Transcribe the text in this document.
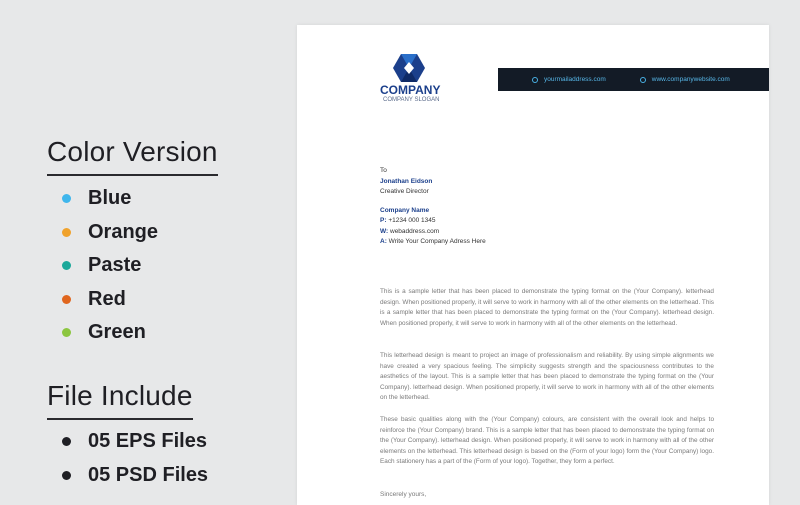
Color Version
Blue
Orange
Paste
Red
Green
File Include
05 EPS Files
05 PSD Files
COMPANY
COMPANY SLOGAN
yourmailaddress.com	www.companywebsite.com
To
Jonathan Eidson
Creative Director
Company Name
P: +1234 000 1345
W: webaddress.com
A: Write Your Company Adress Here
This is a sample letter that has been placed to demonstrate the typing format on the (Your Company). letterhead design. When positioned properly, it will serve to work in harmony with all of the other elements on the letterhead. This is a sample letter that has been placed to demonstrate the typing format on the (Your Company). letterhead design. When positioned properly, it will serve to work in harmony with all of the other elements on the letterhead.
This letterhead design is meant to project an image of professionalism and reliability. By using simple alignments we have created a very spacious feeling. The simplicity suggests strength and the spaciousness contributes to the aesthetics of the layout. This is a sample letter that has been placed to demonstrate the typing format on the (Your Company). letterhead design. When positioned properly, it will serve to work in harmony with all of the other elements on the letterhead.
These basic qualities along with the (Your Company) colours, are consistent with the overall look and helps to reinforce the (Your Company) brand. This is a sample letter that has been placed to demonstrate the typing format on the (Your Company). letterhead design. When positioned properly, it will serve to work in harmony with all of the other elements on the letterhead. This letterhead design is based on the (Form of your logo) form the (Your Company) logo. Each stationery has a part of the (Form of your logo). Together, they form a perfect.
Sincerely yours,
